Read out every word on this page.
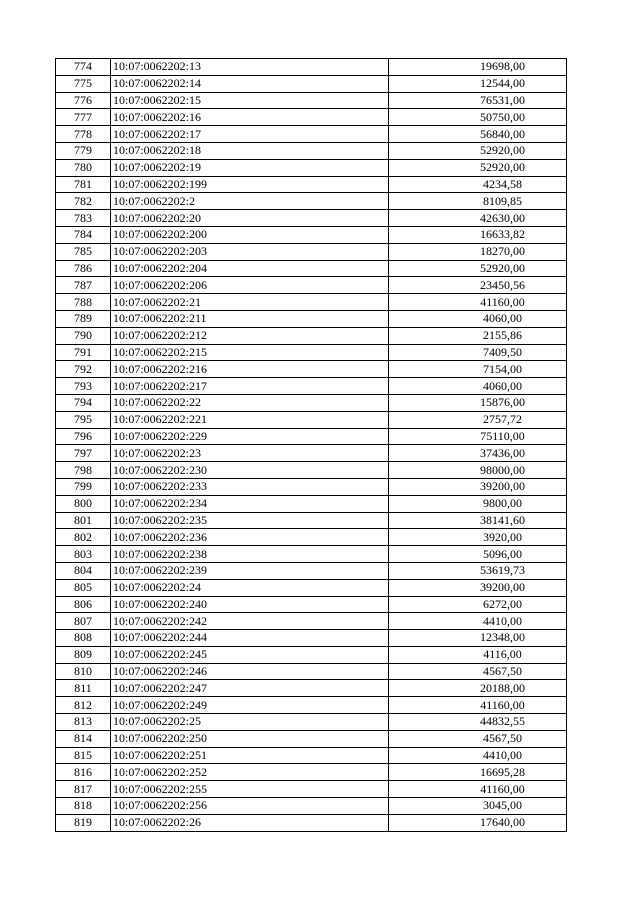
774	10:07:0062202:13	19698,00
775	10:07:0062202:14	12544,00
776	10:07:0062202:15	76531,00
777	10:07:0062202:16	50750,00
778	10:07:0062202:17	56840,00
779	10:07:0062202:18	52920,00
780	10:07:0062202:19	52920,00
781	10:07:0062202:199	4234,58
782	10:07:0062202:2	8109,85
783	10:07:0062202:20	42630,00
784	10:07:0062202:200	16633,82
785	10:07:0062202:203	18270,00
786	10:07:0062202:204	52920,00
787	10:07:0062202:206	23450,56
788	10:07:0062202:21	41160,00
789	10:07:0062202:211	4060,00
790	10:07:0062202:212	2155,86
791	10:07:0062202:215	7409,50
792	10:07:0062202:216	7154,00
793	10:07:0062202:217	4060,00
794	10:07:0062202:22	15876,00
795	10:07:0062202:221	2757,72
796	10:07:0062202:229	75110,00
797	10:07:0062202:23	37436,00
798	10:07:0062202:230	98000,00
799	10:07:0062202:233	39200,00
800	10:07:0062202:234	9800,00
801	10:07:0062202:235	38141,60
802	10:07:0062202:236	3920,00
803	10:07:0062202:238	5096,00
804	10:07:0062202:239	53619,73
805	10:07:0062202:24	39200,00
806	10:07:0062202:240	6272,00
807	10:07:0062202:242	4410,00
808	10:07:0062202:244	12348,00
809	10:07:0062202:245	4116,00
810	10:07:0062202:246	4567,50
811	10:07:0062202:247	20188,00
812	10:07:0062202:249	41160,00
813	10:07:0062202:25	44832,55
814	10:07:0062202:250	4567,50
815	10:07:0062202:251	4410,00
816	10:07:0062202:252	16695,28
817	10:07:0062202:255	41160,00
818	10:07:0062202:256	3045,00
819	10:07:0062202:26	17640,00
